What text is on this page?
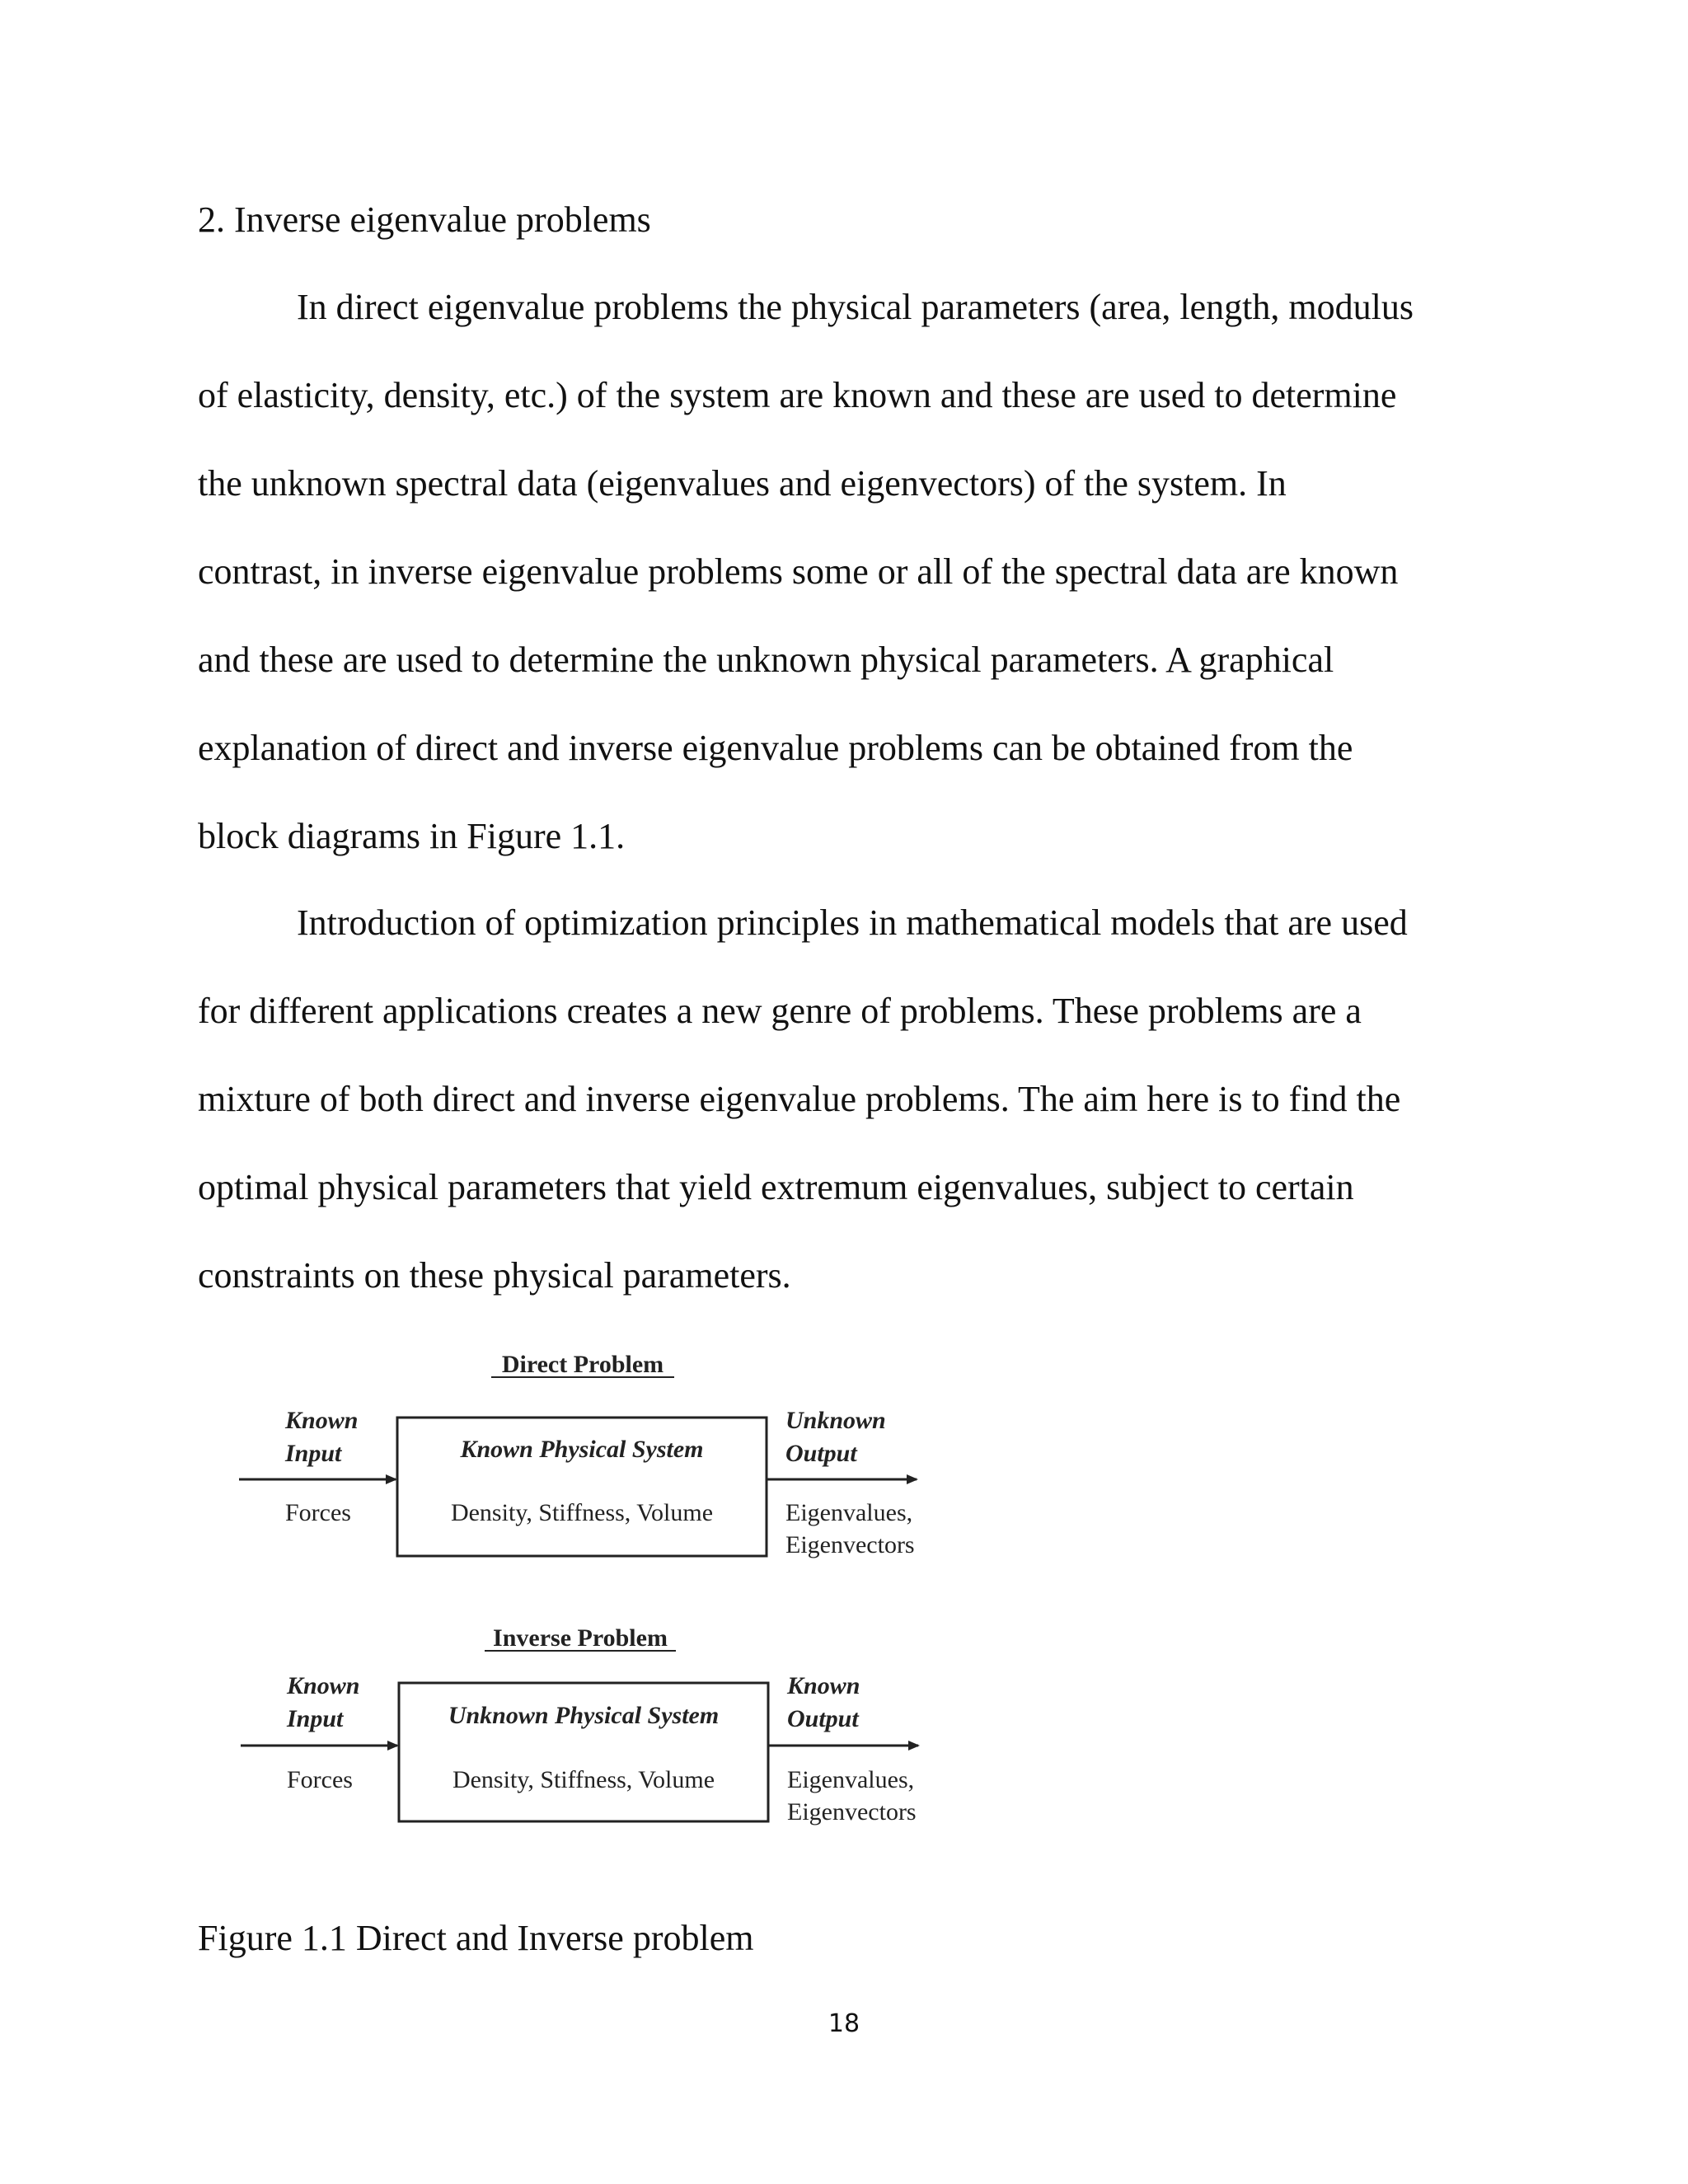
2. Inverse eigenvalue problems
In direct eigenvalue problems the physical parameters (area, length, modulus
of elasticity, density, etc.) of the system are known and these are used to determine
the unknown spectral data (eigenvalues and eigenvectors) of the system. In
contrast, in inverse eigenvalue problems some or all of the spectral data are known
and these are used to determine the unknown physical parameters. A graphical
explanation of direct and inverse eigenvalue problems can be obtained from the
block diagrams in Figure 1.1.
Introduction of optimization principles in mathematical models that are used
for different applications creates a new genre of problems. These problems are a
mixture of both direct and inverse eigenvalue problems. The aim here is to find the
optimal physical parameters that yield extremum eigenvalues, subject to certain
constraints on these physical parameters.
Direct Problem
Known
Input
Forces
Known Physical System
Density, Stiffness, Volume
Unknown
Output
Eigenvalues,
Eigenvectors
Inverse Problem
Known
Input
Forces
Unknown Physical System
Density, Stiffness, Volume
Known
Output
Eigenvalues,
Eigenvectors
Figure 1.1 Direct and Inverse problem
18
